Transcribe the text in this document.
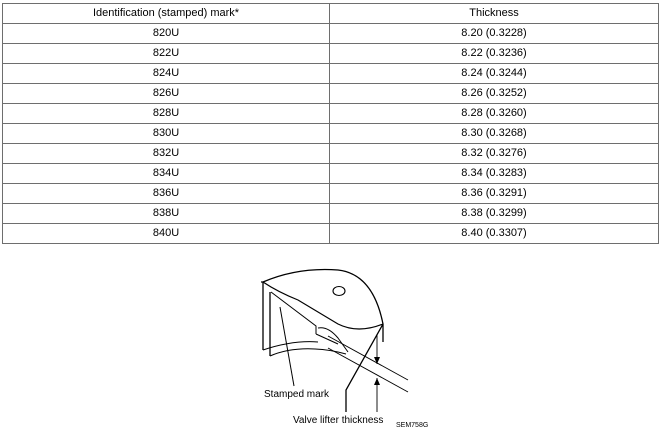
Identification (stamped) mark*	Thickness
820U	8.20 (0.3228)
822U	8.22 (0.3236)
824U	8.24 (0.3244)
826U	8.26 (0.3252)
828U	8.28 (0.3260)
830U	8.30 (0.3268)
832U	8.32 (0.3276)
834U	8.34 (0.3283)
836U	8.36 (0.3291)
838U	8.38 (0.3299)
840U	8.40 (0.3307)
Stamped mark
Valve lifter thickness SEM758G
